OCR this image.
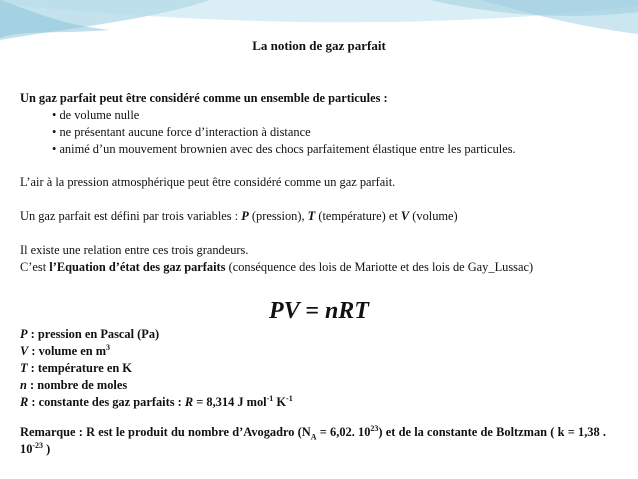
La notion de gaz parfait
Un gaz parfait peut être considéré comme un ensemble de particules :
• de volume nulle
• ne présentant aucune force d’interaction à distance
• animé d’un mouvement brownien avec des chocs parfaitement élastique entre les particules.
L’air à la pression atmosphérique peut être considéré comme un gaz parfait.
Un gaz parfait est défini par trois variables : P (pression), T (température) et V (volume)
Il existe une relation entre ces trois grandeurs.
C’est l’Equation d’état des gaz parfaits (conséquence des lois de Mariotte et des lois de Gay_Lussac)
PV = nRT
P : pression en Pascal (Pa)
V : volume en $m^3$
T : température en K
n : nombre de moles
R : constante des gaz parfaits : R = 8,314 J mol$^{-1}$ $K^{-1}$
Remarque : R est le produit du nombre d’Avogadro ($N_A = 6,02$. $10^{23}$) et de la constante de Boltzman ( k = 1,38 . $10^{-23}$ )
